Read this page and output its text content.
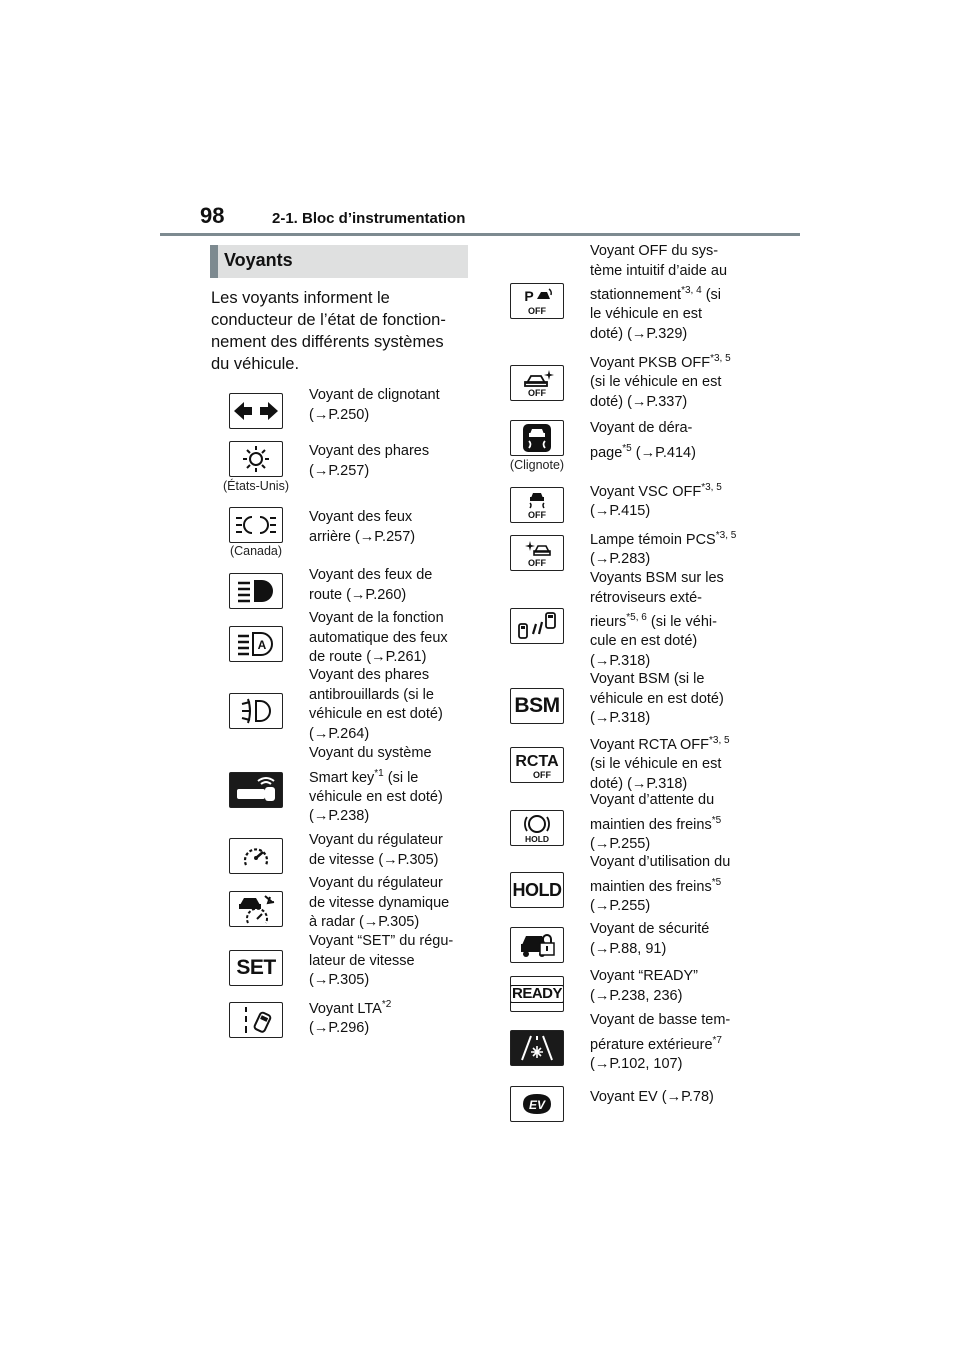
98	2-1. Bloc d’instrumentation
Voyants
Les voyants informent le
conducteur de l’état de fonction-
nement des différents systèmes
du véhicule.
Voyant de clignotant
(→P.250)
(États-Unis)
Voyant des phares
(→P.257)
(Canada)
Voyant des feux
arrière (→P.257)
Voyant des feux de
route (→P.260)
A
Voyant de la fonction
automatique des feux
de route (→P.261)
Voyant des phares
antibrouillards (si le
véhicule en est doté)
(→P.264)
Voyant du système
Smart key$^{*1}$ (si le
véhicule en est doté)
(→P.238)
Voyant du régulateur
de vitesse (→P.305)
Voyant du régulateur
de vitesse dynamique
à radar (→P.305)
SET
Voyant “SET” du régu-
lateur de vitesse
(→P.305)
Voyant LTA$^{*2}$
(→P.296)
P
OFF
Voyant OFF du sys-
tème intuitif d’aide au
stationnement$^{*3, 4}$ (si
le véhicule en est
doté) (→P.329)
OFF
Voyant PKSB OFF$^{*3, 5}$
(si le véhicule en est
doté) (→P.337)
(Clignote)
Voyant de déra-
page$^{*5}$ (→P.414)
OFF
Voyant VSC OFF$^{*3, 5}$
(→P.415)
OFF
Lampe témoin PCS$^{*3, 5}$
(→P.283)
Voyants BSM sur les
rétroviseurs exté-
rieurs$^{*5, 6}$ (si le véhi-
cule en est doté)
(→P.318)
BSM
Voyant BSM (si le
véhicule en est doté)
(→P.318)
RCTA
OFF
Voyant RCTA OFF$^{*3, 5}$
(si le véhicule en est
doté) (→P.318)
HOLD
Voyant d’attente du
maintien des freins$^{*5}$
(→P.255)
HOLD
Voyant d’utilisation du
maintien des freins$^{*5}$
(→P.255)
Voyant de sécurité
(→P.88, 91)
READY
Voyant “READY”
(→P.238, 236)
Voyant de basse tem-
pérature extérieure$^{*7}$
(→P.102, 107)
EV	Voyant EV (→P.78)
